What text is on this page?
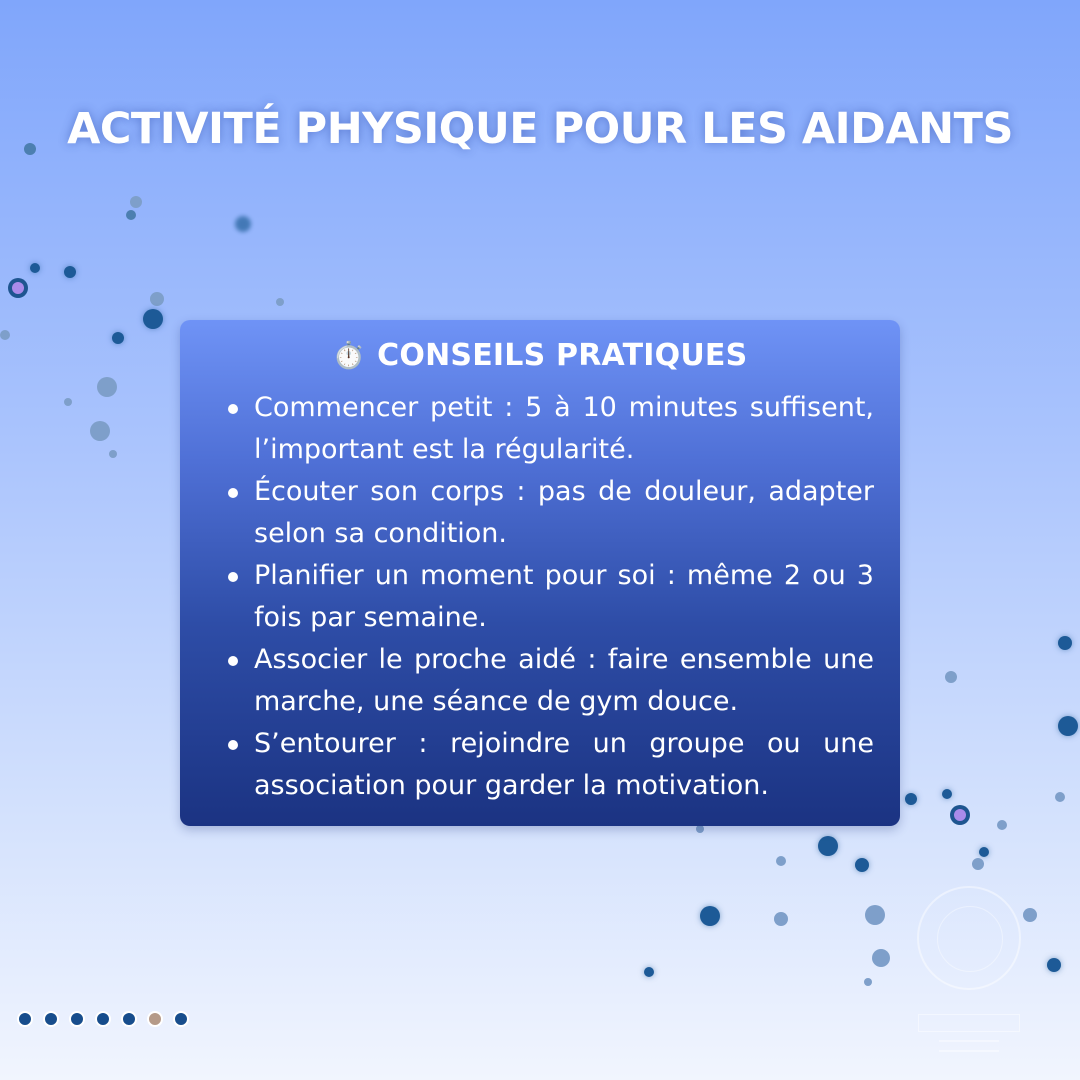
ACTIVITÉ PHYSIQUE POUR LES AIDANTS
⏱️ CONSEILS PRATIQUES
Commencer petit : 5 à 10 minutes suffisent, l’important est la régularité.
Écouter son corps : pas de douleur, adapter selon sa condition.
Planifier un moment pour soi : même 2 ou 3 fois par semaine.
Associer le proche aidé : faire ensemble une marche, une séance de gym douce.
S’entourer : rejoindre un groupe ou une association pour garder la motivation.
